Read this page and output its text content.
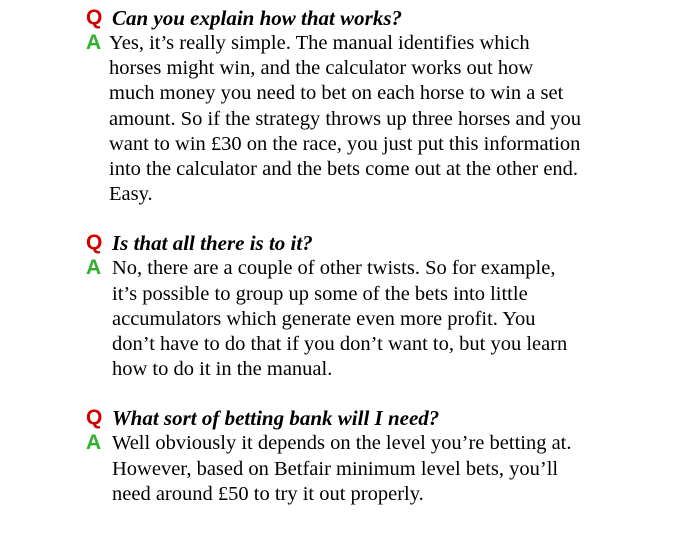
Q Can you explain how that works?
A Yes, it’s really simple. The manual identifies which
horses might win, and the calculator works out how
much money you need to bet on each horse to win a set
amount. So if the strategy throws up three horses and you
want to win £30 on the race, you just put this information
into the calculator and the bets come out at the other end.
Easy.
Q Is that all there is to it?
A No, there are a couple of other twists. So for example,
it’s possible to group up some of the bets into little
accumulators which generate even more profit. You
don’t have to do that if you don’t want to, but you learn
how to do it in the manual.
Q What sort of betting bank will I need?
A Well obviously it depends on the level you’re betting at.
However, based on Betfair minimum level bets, you’ll
need around £50 to try it out properly.
